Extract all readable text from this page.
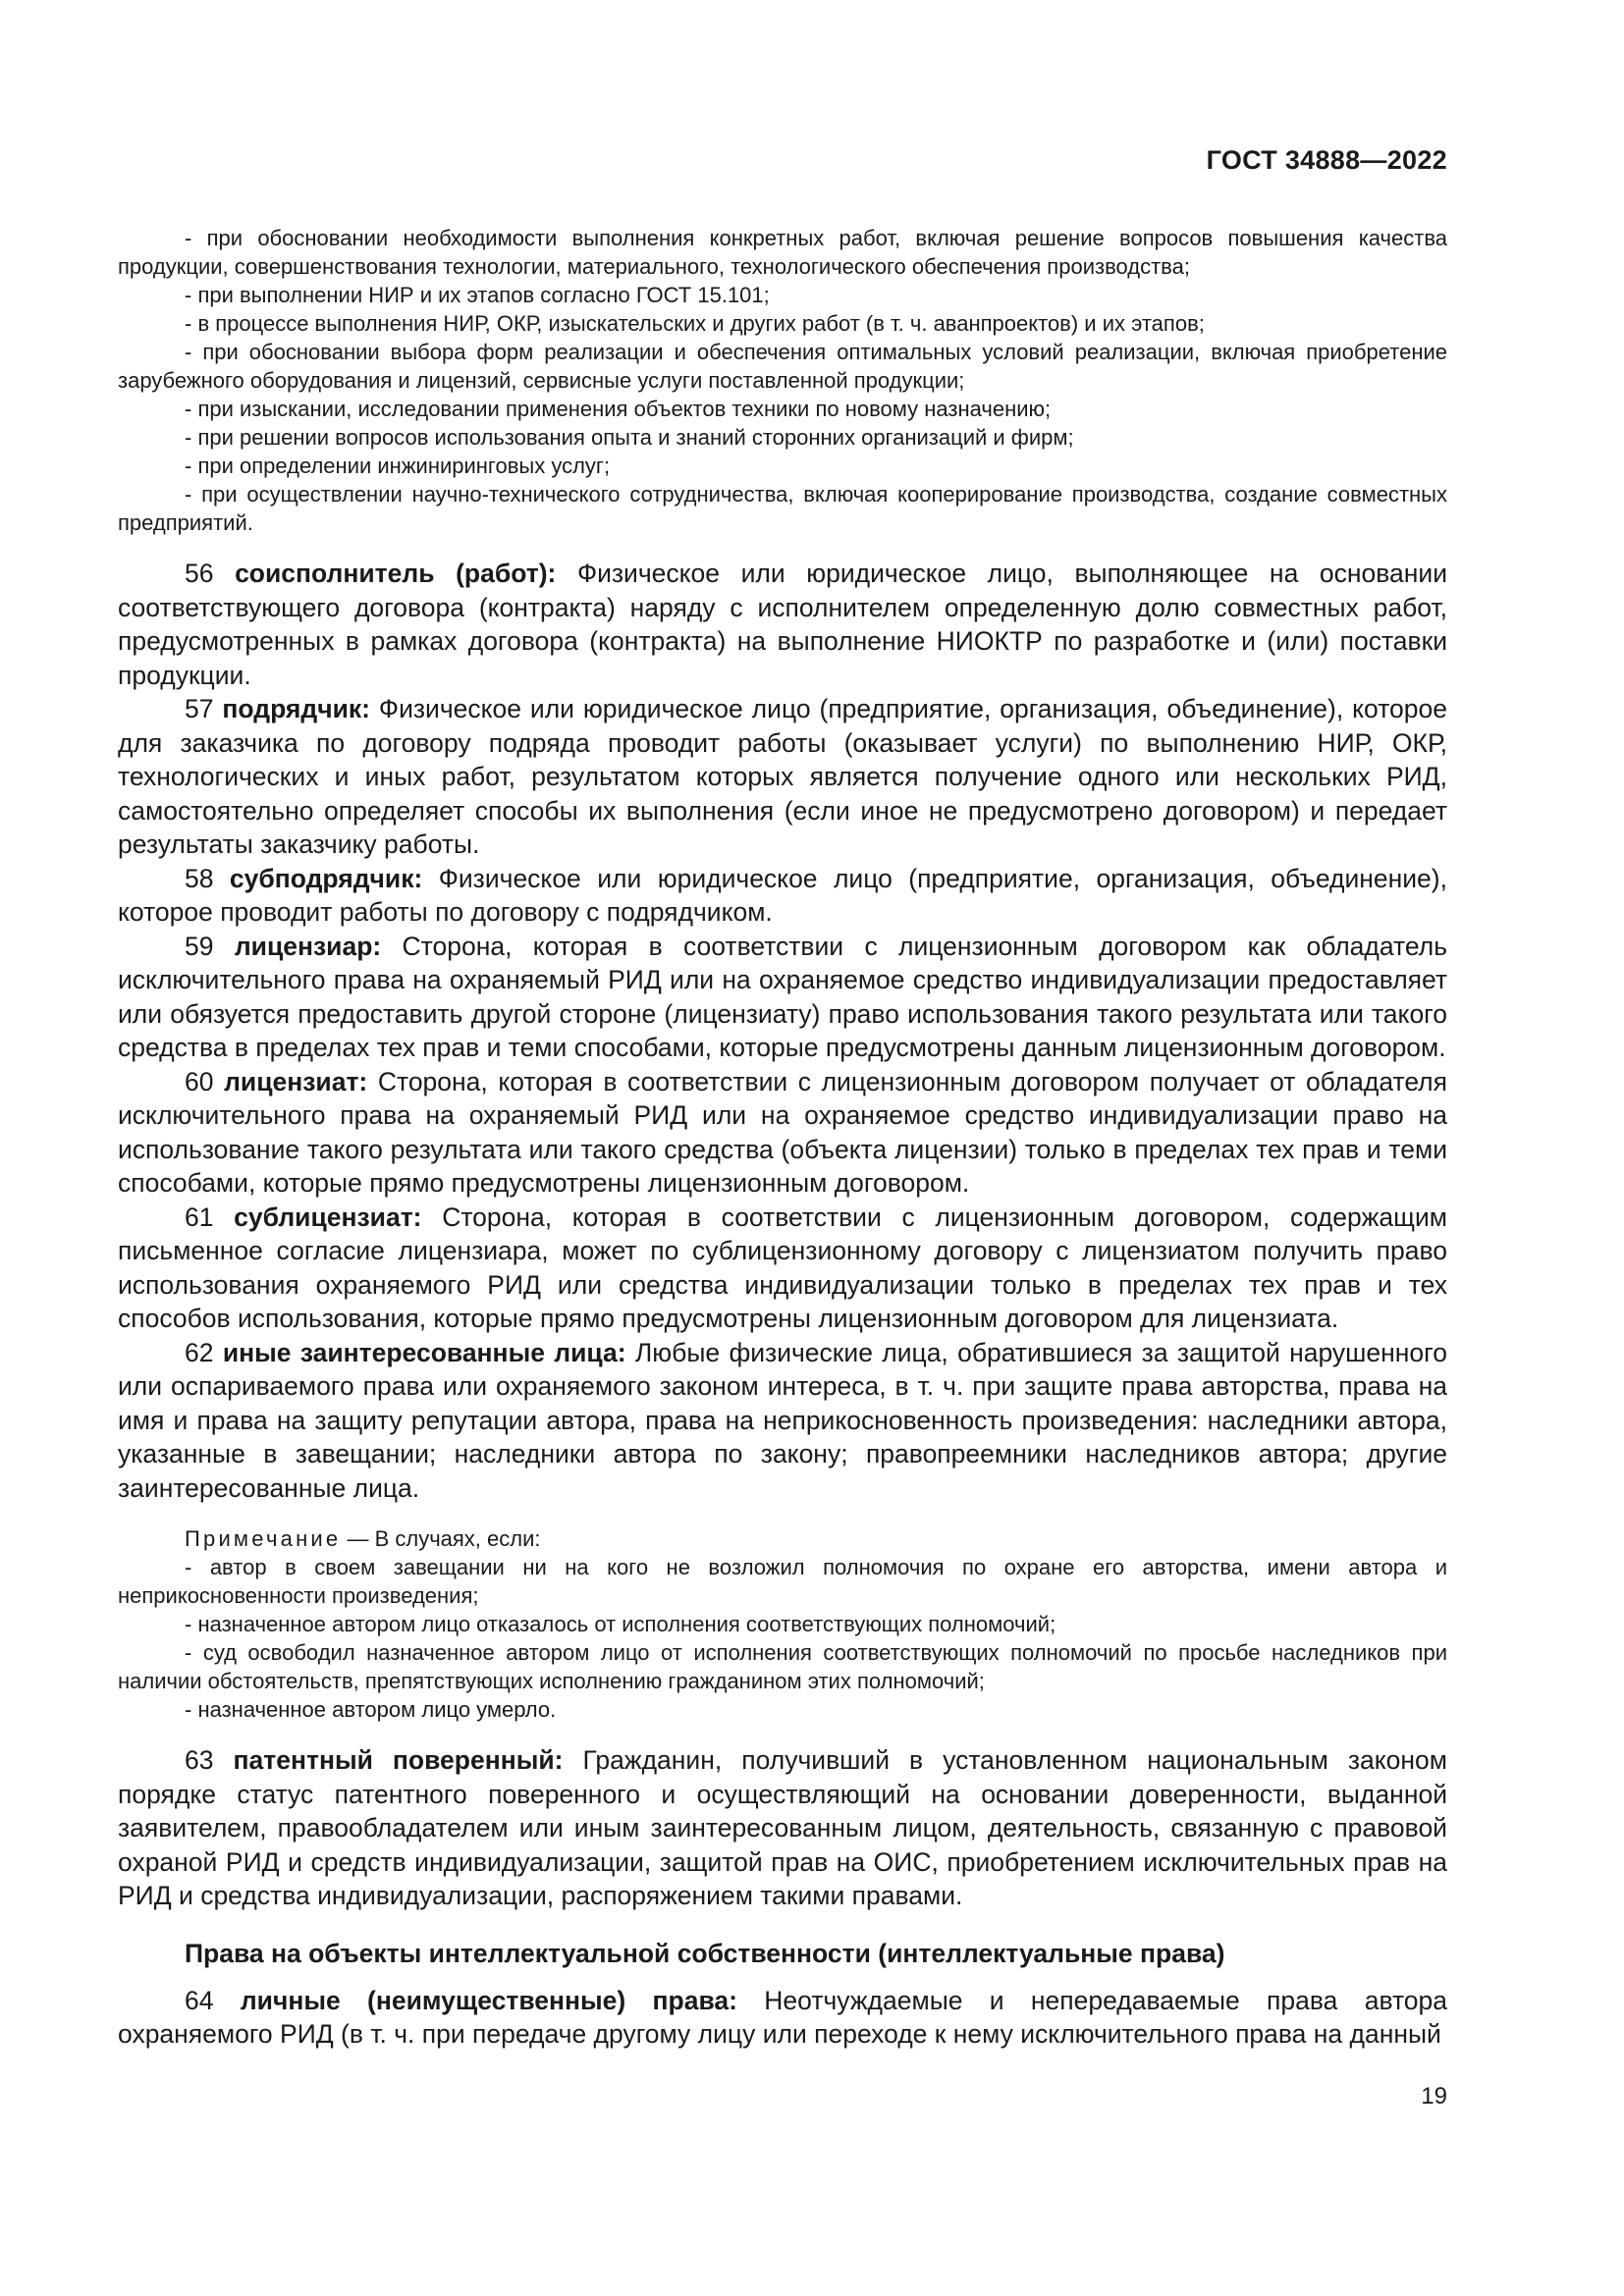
ГОСТ 34888—2022

- при обосновании необходимости выполнения конкретных работ, включая решение вопросов повышения качества продукции, совершенствования технологии, материального, технологического обеспечения производства;

- при выполнении НИР и их этапов согласно ГОСТ 15.101;

- в процессе выполнения НИР, ОКР, изыскательских и других работ (в т. ч. аванпроектов) и их этапов;

- при обосновании выбора форм реализации и обеспечения оптимальных условий реализации, включая приобретение зарубежного оборудования и лицензий, сервисные услуги поставленной продукции;

- при изыскании, исследовании применения объектов техники по новому назначению;

- при решении вопросов использования опыта и знаний сторонних организаций и фирм;

- при определении инжиниринговых услуг;

- при осуществлении научно-технического сотрудничества, включая кооперирование производства, создание совместных предприятий.

56 соисполнитель (работ): Физическое или юридическое лицо, выполняющее на основании соответствующего договора (контракта) наряду с исполнителем определенную долю совместных работ, предусмотренных в рамках договора (контракта) на выполнение НИОКТР по разработке и (или) поставки продукции.

57 подрядчик: Физическое или юридическое лицо (предприятие, организация, объединение), которое для заказчика по договору подряда проводит работы (оказывает услуги) по выполнению НИР, ОКР, технологических и иных работ, результатом которых является получение одного или нескольких РИД, самостоятельно определяет способы их выполнения (если иное не предусмотрено договором) и передает результаты заказчику работы.

58 субподрядчик: Физическое или юридическое лицо (предприятие, организация, объединение), которое проводит работы по договору с подрядчиком.

59 лицензиар: Сторона, которая в соответствии с лицензионным договором как обладатель исключительного права на охраняемый РИД или на охраняемое средство индивидуализации предоставляет или обязуется предоставить другой стороне (лицензиату) право использования такого результата или такого средства в пределах тех прав и теми способами, которые предусмотрены данным лицензионным договором.

60 лицензиат: Сторона, которая в соответствии с лицензионным договором получает от обладателя исключительного права на охраняемый РИД или на охраняемое средство индивидуализации право на использование такого результата или такого средства (объекта лицензии) только в пределах тех прав и теми способами, которые прямо предусмотрены лицензионным договором.

61 сублицензиат: Сторона, которая в соответствии с лицензионным договором, содержащим письменное согласие лицензиара, может по сублицензионному договору с лицензиатом получить право использования охраняемого РИД или средства индивидуализации только в пределах тех прав и тех способов использования, которые прямо предусмотрены лицензионным договором для лицензиата.

62 иные заинтересованные лица: Любые физические лица, обратившиеся за защитой нарушенного или оспариваемого права или охраняемого законом интереса, в т. ч. при защите права авторства, права на имя и права на защиту репутации автора, права на неприкосновенность произведения: наследники автора, указанные в завещании; наследники автора по закону; правопреемники наследников автора; другие заинтересованные лица.

Примечание — В случаях, если:

- автор в своем завещании ни на кого не возложил полномочия по охране его авторства, имени автора и неприкосновенности произведения;

- назначенное автором лицо отказалось от исполнения соответствующих полномочий;

- суд освободил назначенное автором лицо от исполнения соответствующих полномочий по просьбе наследников при наличии обстоятельств, препятствующих исполнению гражданином этих полномочий;

- назначенное автором лицо умерло.

63 патентный поверенный: Гражданин, получивший в установленном национальным законом порядке статус патентного поверенного и осуществляющий на основании доверенности, выданной заявителем, правообладателем или иным заинтересованным лицом, деятельность, связанную с правовой охраной РИД и средств индивидуализации, защитой прав на ОИС, приобретением исключительных прав на РИД и средства индивидуализации, распоряжением такими правами.

Права на объекты интеллектуальной собственности (интеллектуальные права)

64 личные (неимущественные) права: Неотчуждаемые и непередаваемые права автора охраняемого РИД (в т. ч. при передаче другому лицу или переходе к нему исключительного права на данный

19
